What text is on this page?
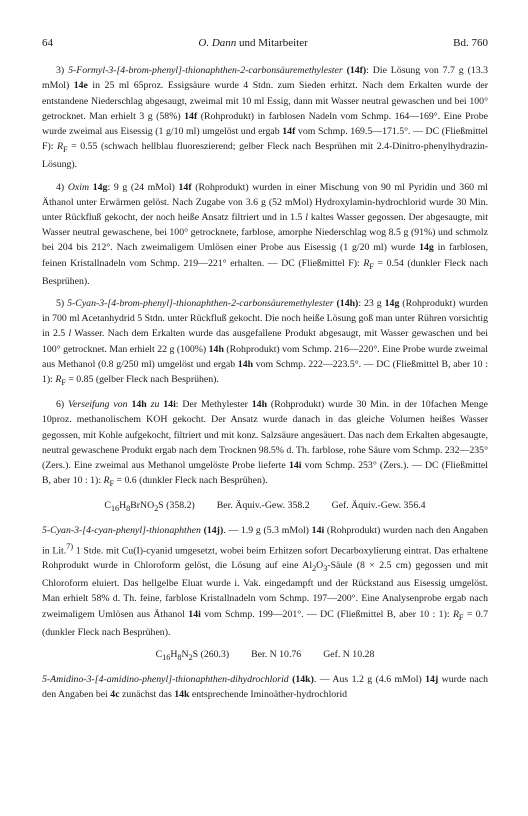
64	O. Dann und Mitarbeiter	Bd. 760

3) 5-Formyl-3-[4-brom-phenyl]-thionaphthen-2-carbonsäuremethylester (14f): Die Lösung von 7.7 g (13.3 mMol) 14e in 25 ml 65proz. Essigsäure wurde 4 Stdn. zum Sieden erhitzt. Nach dem Erkalten wurde der entstandene Niederschlag abgesaugt, zweimal mit 10 ml Essig, dann mit Wasser neutral gewaschen und bei 100° getrocknet. Man erhielt 3 g (58%) 14f (Rohprodukt) in farblosen Nadeln vom Schmp. 164—169°. Eine Probe wurde zweimal aus Eisessig (1 g/10 ml) umgelöst und ergab 14f vom Schmp. 169.5—171.5°. — DC (Fließmittel F): $R_F = 0.55$ (schwach hellblau fluoreszierend; gelber Fleck nach Besprühen mit 2.4-Dinitro-phenylhydrazin-Lösung).

4) Oxim 14g: 9 g (24 mMol) 14f (Rohprodukt) wurden in einer Mischung von 90 ml Pyridin und 360 ml Äthanol unter Erwärmen gelöst. Nach Zugabe von 3.6 g (52 mMol) Hydroxylamin-hydrochlorid wurde 30 Min. unter Rückfluß gekocht, der noch heiße Ansatz filtriert und in 1.5 l kaltes Wasser gegossen. Der abgesaugte, mit Wasser neutral gewaschene, bei 100° getrocknete, farblose, amorphe Niederschlag wog 8.5 g (91%) und schmolz bei 204 bis 212°. Nach zweimaligem Umlösen einer Probe aus Eisessig (1 g/20 ml) wurde 14g in farblosen, feinen Kristallnadeln vom Schmp. 219—221° erhalten. — DC (Fließmittel F): $R_F = 0.54$ (dunkler Fleck nach Besprühen).

5) 5-Cyan-3-[4-brom-phenyl]-thionaphthen-2-carbonsäuremethylester (14h): 23 g 14g (Rohprodukt) wurden in 700 ml Acetanhydrid 5 Stdn. unter Rückfluß gekocht. Die noch heiße Lösung goß man unter Rühren vorsichtig in 2.5 l Wasser. Nach dem Erkalten wurde das ausgefallene Produkt abgesaugt, mit Wasser gewaschen und bei 100° getrocknet. Man erhielt 22 g (100%) 14h (Rohprodukt) vom Schmp. 216—220°. Eine Probe wurde zweimal aus Methanol (0.8 g/250 ml) umgelöst und ergab 14h vom Schmp. 222—223.5°. — DC (Fließmittel B, aber 10 : 1): $R_F = 0.85$ (gelber Fleck nach Besprühen).

6) Verseifung von 14h zu 14i: Der Methylester 14h (Rohprodukt) wurde 30 Min. in der 10fachen Menge 10proz. methanolischem KOH gekocht. Der Ansatz wurde danach in das gleiche Volumen heißes Wasser gegossen, mit Kohle aufgekocht, filtriert und mit konz. Salzsäure angesäuert. Das nach dem Erkalten abgesaugte, neutral gewaschene Produkt ergab nach dem Trocknen 98.5% d. Th. farblose, rohe Säure vom Schmp. 232—235° (Zers.). Eine zweimal aus Methanol umgelöste Probe lieferte 14i vom Schmp. 253° (Zers.). — DC (Fließmittel B, aber 10 : 1): $R_F = 0.6$ (dunkler Fleck nach Besprühen).

$C_{16}H_8BrNO_2S$ (358.2) Ber. Äquiv.-Gew. 358.2 Gef. Äquiv.-Gew. 356.4

5-Cyan-3-[4-cyan-phenyl]-thionaphthen (14j). — 1.9 g (5.3 mMol) 14i (Rohprodukt) wurden nach den Angaben in Lit.$^{7)}$ 1 Stde. mit Cu(I)-cyanid umgesetzt, wobei beim Erhitzen sofort Decarboxylierung eintrat. Das erhaltene Rohprodukt wurde in Chloroform gelöst, die Lösung auf eine $Al_2O_3$-Säule (8 × 2.5 cm) gegossen und mit Chloroform eluiert. Das hellgelbe Eluat wurde i. Vak. eingedampft und der Rückstand aus Eisessig umgelöst. Man erhielt 58% d. Th. feine, farblose Kristallnadeln vom Schmp. 197—200°. Eine Analysenprobe ergab nach zweimaligem Umlösen aus Äthanol 14i vom Schmp. 199—201°. — DC (Fließmittel B, aber 10 : 1): $R_F = 0.7$ (dunkler Fleck nach Besprühen).

$C_{16}H_8N_2S$ (260.3) Ber. N 10.76 Gef. N 10.28

5-Amidino-3-[4-amidino-phenyl]-thionaphthen-dihydrochlorid (14k). — Aus 1.2 g (4.6 mMol) 14j wurde nach den Angaben bei 4c zunächst das 14k entsprechende Iminoäther-hydrochlorid
